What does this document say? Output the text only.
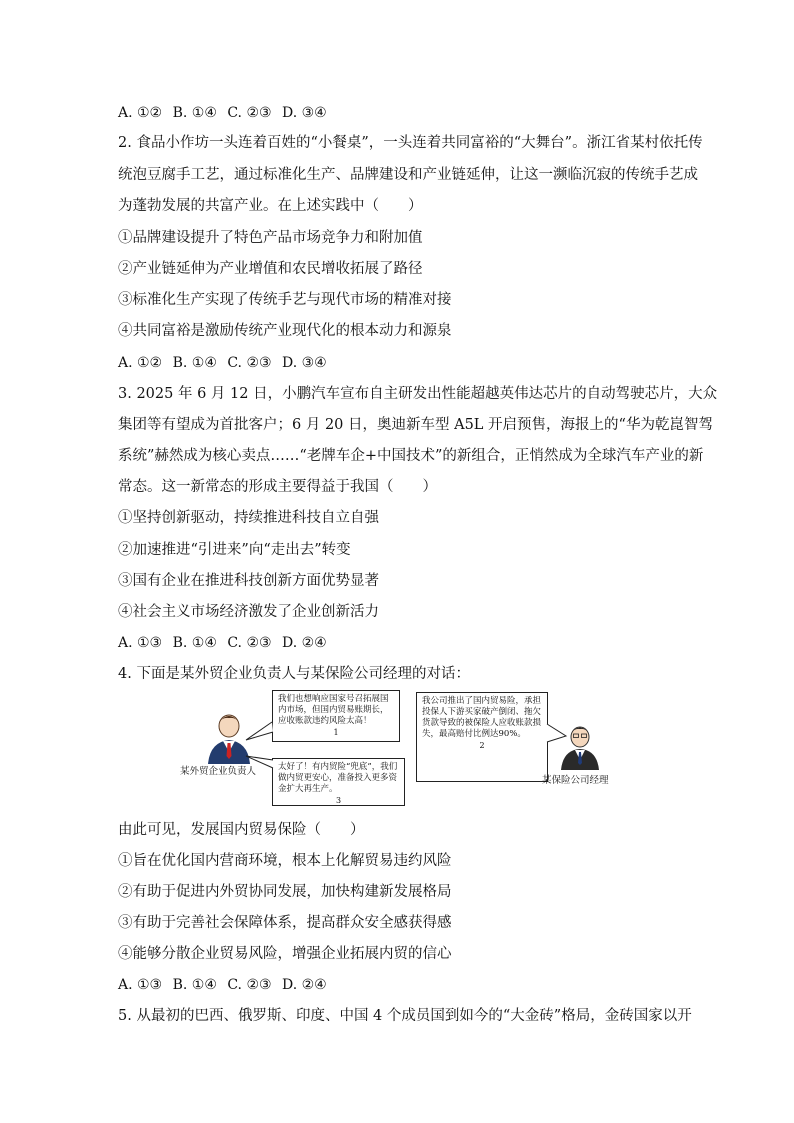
A. ①② B. ①④ C. ②③ D. ③④
2. 食品小作坊一头连着百姓的“小餐桌”，一头连着共同富裕的“大舞台”。浙江省某村依托传
统泡豆腐手工艺，通过标准化生产、品牌建设和产业链延伸，让这一濒临沉寂的传统手艺成
为蓬勃发展的共富产业。在上述实践中（　　）
①品牌建设提升了特色产品市场竞争力和附加值
②产业链延伸为产业增值和农民增收拓展了路径
③标准化生产实现了传统手艺与现代市场的精准对接
④共同富裕是激励传统产业现代化的根本动力和源泉
A. ①② B. ①④ C. ②③ D. ③④
3. 2025 年 6 月 12 日，小鹏汽车宣布自主研发出性能超越英伟达芯片的自动驾驶芯片，大众
集团等有望成为首批客户；6 月 20 日，奥迪新车型 A5L 开启预售，海报上的“华为乾崑智驾
系统”赫然成为核心卖点……“老牌车企+中国技术”的新组合，正悄然成为全球汽车产业的新
常态。这一新常态的形成主要得益于我国（　　）
①坚持创新驱动，持续推进科技自立自强
②加速推进“引进来”向“走出去”转变
③国有企业在推进科技创新方面优势显著
④社会主义市场经济激发了企业创新活力
A. ①③ B. ①④ C. ②③ D. ②④
4. 下面是某外贸企业负责人与某保险公司经理的对话：
某外贸企业负责人
我们也想响应国家号召拓展国内市场，但国内贸易账期长，应收账款违约风险太高！
1
太好了！有内贸险“兜底”，我们做内贸更安心，准备投入更多资金扩大再生产。
3
我公司推出了国内贸易险，承担投保人下游买家破产倒闭、拖欠货款导致的被保险人应收账款损失，最高赔付比例达90%。
2
某保险公司经理
由此可见，发展国内贸易保险（　　）
①旨在优化国内营商环境，根本上化解贸易违约风险
②有助于促进内外贸协同发展，加快构建新发展格局
③有助于完善社会保障体系，提高群众安全感获得感
④能够分散企业贸易风险，增强企业拓展内贸的信心
A. ①③ B. ①④ C. ②③ D. ②④
5. 从最初的巴西、俄罗斯、印度、中国 4 个成员国到如今的“大金砖”格局，金砖国家以开
